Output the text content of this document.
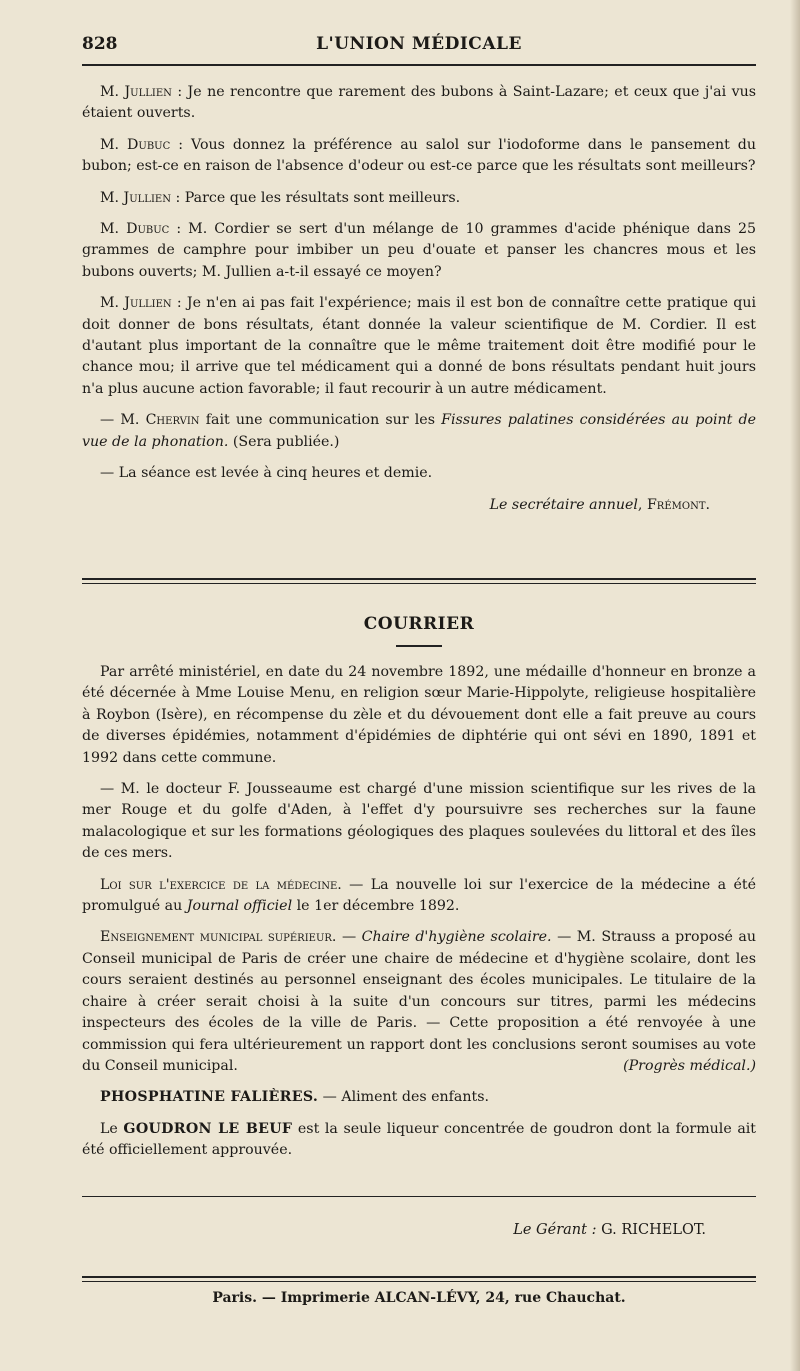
828	L'UNION MÉDICALE

M. Jullien : Je ne rencontre que rarement des bubons à Saint-Lazare; et ceux que j'ai vus étaient ouverts.

M. Dubuc : Vous donnez la préférence au salol sur l'iodoforme dans le pansement du bubon; est-ce en raison de l'absence d'odeur ou est-ce parce que les résultats sont meilleurs?

M. Jullien : Parce que les résultats sont meilleurs.

M. Dubuc : M. Cordier se sert d'un mélange de 10 grammes d'acide phénique dans 25 grammes de camphre pour imbiber un peu d'ouate et panser les chancres mous et les bubons ouverts; M. Jullien a-t-il essayé ce moyen?

M. Jullien : Je n'en ai pas fait l'expérience; mais il est bon de connaître cette pratique qui doit donner de bons résultats, étant donnée la valeur scientifique de M. Cordier. Il est d'autant plus important de la connaître que le même traitement doit être modifié pour le chance mou; il arrive que tel médicament qui a donné de bons résultats pendant huit jours n'a plus aucune action favorable; il faut recourir à un autre médicament.

— M. Chervin fait une communication sur les Fissures palatines considérées au point de vue de la phonation. (Sera publiée.)

— La séance est levée à cinq heures et demie.

Le secrétaire annuel, Frémont.

COURRIER

Par arrêté ministériel, en date du 24 novembre 1892, une médaille d'honneur en bronze a été décernée à Mme Louise Menu, en religion sœur Marie-Hippolyte, religieuse hospitalière à Roybon (Isère), en récompense du zèle et du dévouement dont elle a fait preuve au cours de diverses épidémies, notamment d'épidémies de diphtérie qui ont sévi en 1890, 1891 et 1992 dans cette commune.

— M. le docteur F. Jousseaume est chargé d'une mission scientifique sur les rives de la mer Rouge et du golfe d'Aden, à l'effet d'y poursuivre ses recherches sur la faune malacologique et sur les formations géologiques des plaques soulevées du littoral et des îles de ces mers.

Loi sur l'exercice de la médecine. — La nouvelle loi sur l'exercice de la médecine a été promulgué au Journal officiel le 1er décembre 1892.

Enseignement municipal supérieur. — Chaire d'hygiène scolaire. — M. Strauss a proposé au Conseil municipal de Paris de créer une chaire de médecine et d'hygiène scolaire, dont les cours seraient destinés au personnel enseignant des écoles municipales. Le titulaire de la chaire à créer serait choisi à la suite d'un concours sur titres, parmi les médecins inspecteurs des écoles de la ville de Paris. — Cette proposition a été renvoyée à une commission qui fera ultérieurement un rapport dont les conclusions seront soumises au vote du Conseil municipal.	(Progrès médical.)

PHOSPHATINE FALIÈRES. — Aliment des enfants.

Le GOUDRON LE BEUF est la seule liqueur concentrée de goudron dont la formule ait été officiellement approuvée.

Le Gérant : G. RICHELOT.
Paris. — Imprimerie ALCAN-LÉVY, 24, rue Chauchat.
